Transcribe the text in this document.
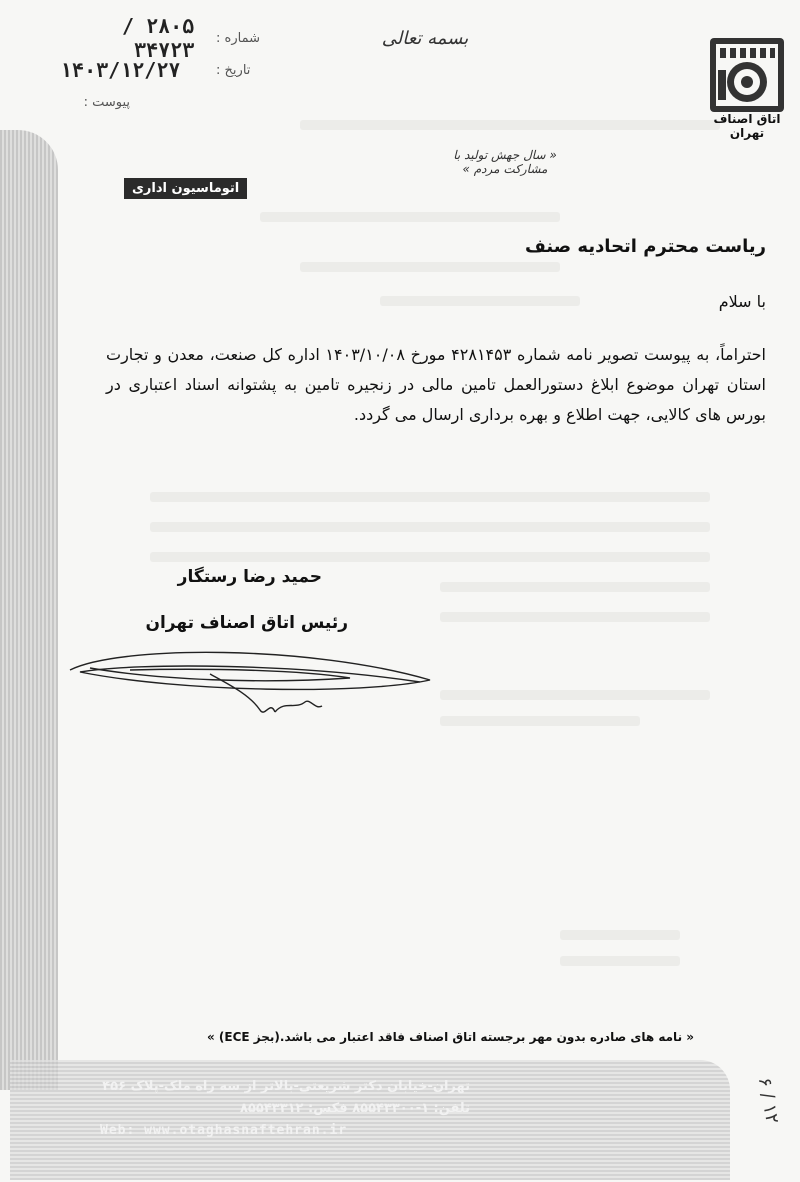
شماره :
۲۸۰۵ / ۳۴۷۲۳
تاریخ :
۱۴۰۳/۱۲/۲۷
پیوست :
بسمه تعالی
اتاق اصناف تهران
« سال جهش تولید با مشارکت مردم »
اتوماسیون اداری
ریاست محترم اتحادیه صنف
با سلام
احتراماً، به پیوست تصویر نامه شماره ۴۲۸۱۴۵۳ مورخ ۱۴۰۳/۱۰/۰۸ اداره کل صنعت، معدن و تجارت استان تهران موضوع ابلاغ دستورالعمل تامین مالی در زنجیره تامین به پشتوانه اسناد اعتباری در بورس های کالایی، جهت اطلاع و بهره برداری ارسال می گردد.
حمید رضا رستگار
رئیس اتاق اصناف تهران
« نامه های صادره بدون مهر برجسته اتاق اصناف فاقد اعتبار می باشد.(بجز ECE) »
تهران-خیابان دکتر شریعتی-بالاتر از سه راه ملک-پلاک ۴۵۶
تلفن: ۱-۸۵۵۴۳۳۰۰ فکس: ۸۵۵۴۳۳۱۲
Web: www.otaghasnaftehran.ir
۶ / ۱۲
